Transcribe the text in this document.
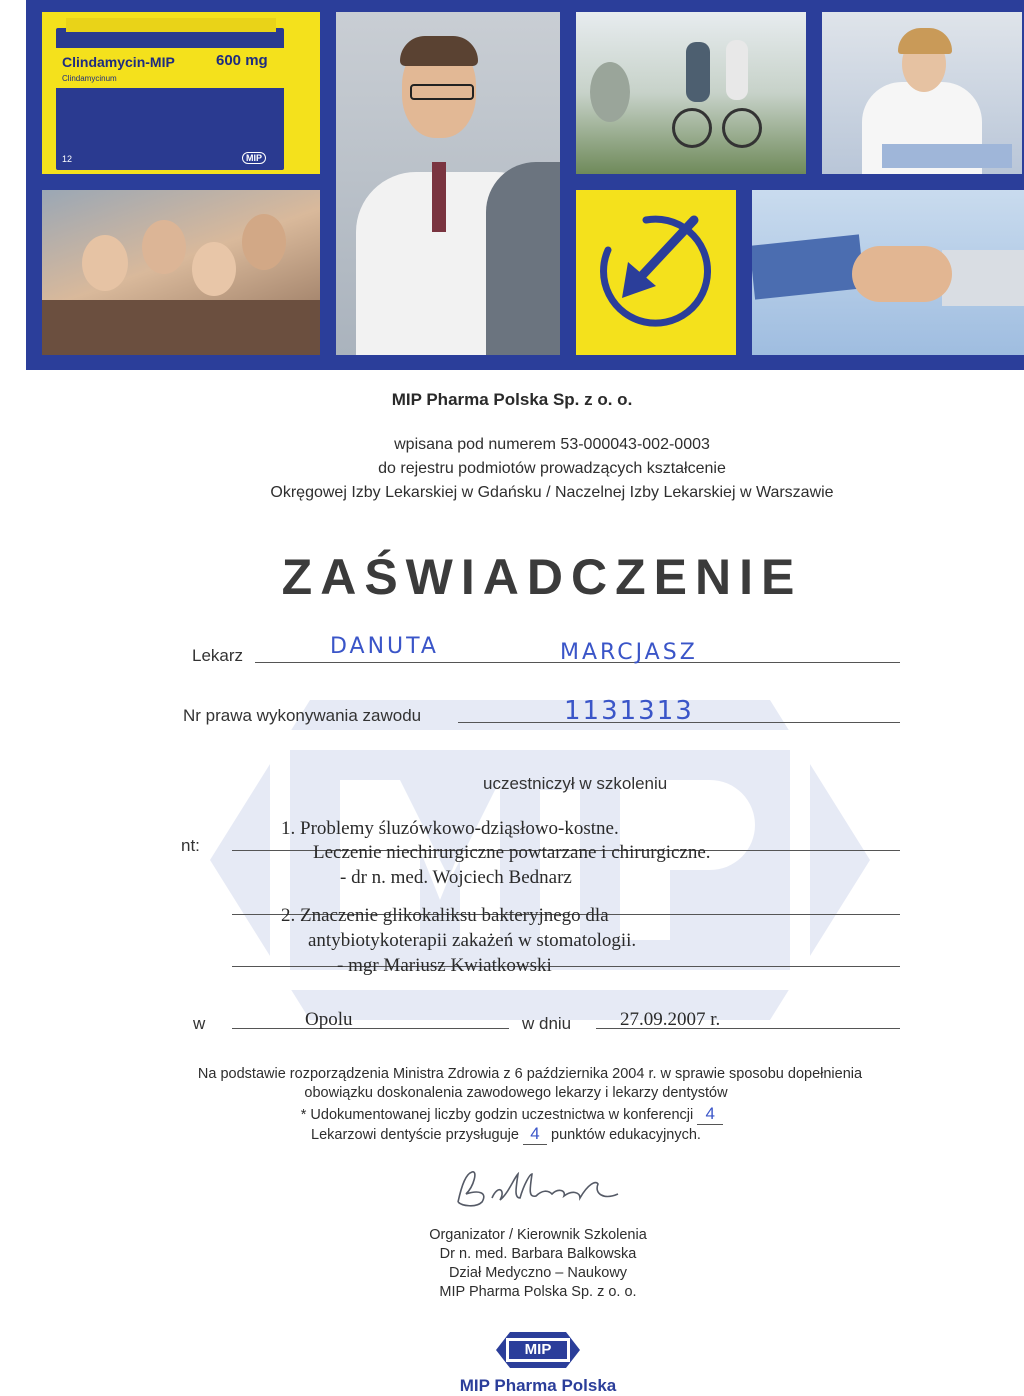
Clindamycin-MIP	600 mg
Clindamycinum
12	MIP
MIP Pharma Polska Sp. z o. o.
wpisana pod numerem 53-000043-002-0003
do rejestru podmiotów prowadzących kształcenie
Okręgowej Izby Lekarskiej w Gdańsku / Naczelnej Izby Lekarskiej w Warszawie
ZAŚWIADCZENIE
Lekarz	DANUTA	MARCJASZ
Nr prawa wykonywania zawodu	1131313
uczestniczył w szkoleniu
nt:
1. Problemy śluzówkowo-dziąsłowo-kostne.
Leczenie niechirurgiczne powtarzane i chirurgiczne.
- dr n. med. Wojciech Bednarz
2. Znaczenie glikokaliksu bakteryjnego dla
antybiotykoterapii zakażeń w stomatologii.
- mgr Mariusz Kwiatkowski
w	Opolu	w dniu	27.09.2007 r.
Na podstawie rozporządzenia Ministra Zdrowia z 6 października 2004 r. w sprawie sposobu dopełnienia
obowiązku doskonalenia zawodowego lekarzy i lekarzy dentystów
* Udokumentowanej liczby godzin uczestnictwa w konferencji 4
Lekarzowi dentyście przysługuje 4 punktów edukacyjnych.
Organizator / Kierownik Szkolenia
Dr n. med. Barbara Balkowska
Dział Medyczno – Naukowy
MIP Pharma Polska Sp. z o. o.
MIP
MIP Pharma Polska
